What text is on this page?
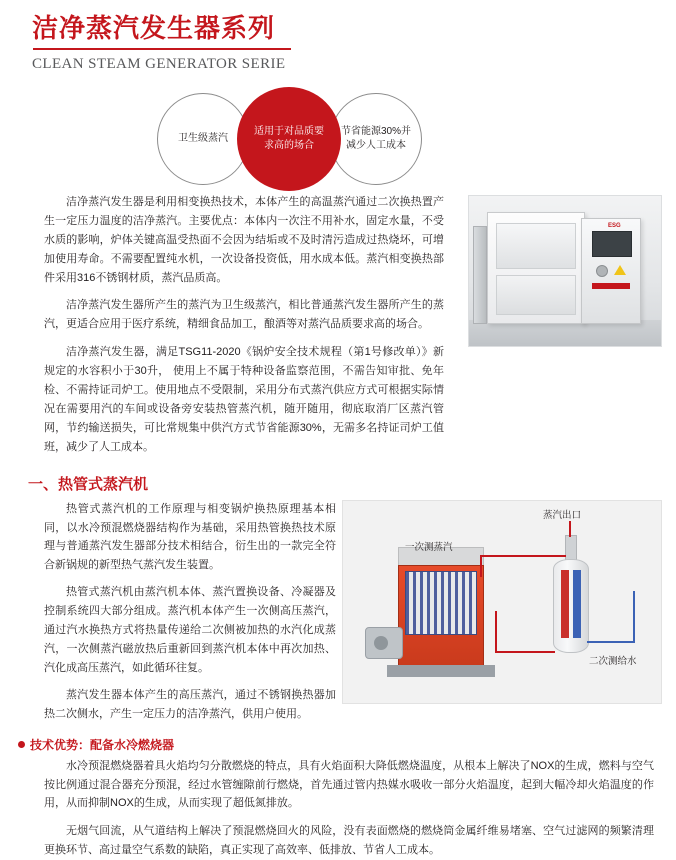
洁净蒸汽发生器系列
CLEAN STEAM GENERATOR SERIE
卫生级蒸汽
适用于对品质要求高的场合
节省能源30%并减少人工成本
ESG

洁净蒸汽发生器是利用相变换热技术，本体产生的高温蒸汽通过二次换热置产生一定压力温度的洁净蒸汽。主要优点：本体内一次注不用补水，固定水量，不受水质的影响，炉体关键高温受热面不会因为结垢或不及时清污造成过热烧坏，可增加使用寿命。不需要配置纯水机，一次设备投资低，用水成本低。蒸汽相变换热部件采用316不锈钢材质，蒸汽品质高。

洁净蒸汽发生器所产生的蒸汽为卫生级蒸汽，相比普通蒸汽发生器所产生的蒸汽，更适合应用于医疗系统，精细食品加工，酿酒等对蒸汽品质要求高的场合。

洁净蒸汽发生器，满足TSG11-2020《锅炉安全技术规程（第1号修改单）》新规定的水容积小于30升， 使用上不属于特种设备监察范围，不需告知审批、免年检、不需持证司炉工。使用地点不受限制，采用分布式蒸汽供应方式可根据实际情况在需要用汽的车间或设备旁安装热管蒸汽机，随开随用，彻底取消厂区蒸汽管网，节约输送损失，可比常规集中供汽方式节省能源30%，无需多名持证司炉工值班，减少了人工成本。

一、热管式蒸汽机
蒸汽出口
一次测蒸汽
二次测给水

热管式蒸汽机的工作原理与相变锅炉换热原理基本相同，以水冷预混燃烧器结构作为基础，采用热管换热技术原理与普通蒸汽发生器部分技术相结合，衍生出的一款完全符合新锅规的新型热气蒸汽发生装置。

热管式蒸汽机由蒸汽机本体、蒸汽置换设备、冷凝器及控制系统四大部分组成。蒸汽机本体产生一次侧高压蒸汽，通过汽水换热方式将热量传递给二次侧被加热的水汽化成蒸汽，一次侧蒸汽磁放热后重新回到蒸汽机本体中再次加热、汽化成高压蒸汽，如此循环往复。

蒸汽发生器本体产生的高压蒸汽，通过不锈钢换热器加热二次侧水，产生一定压力的洁净蒸汽，供用户使用。

技术优势：配备水冷燃烧器

水冷预混燃烧器着具火焰均匀分散燃烧的特点，具有火焰面积大降低燃烧温度，从根本上解决了NOX的生成，燃料与空气按比例通过混合器充分预混，经过水管缠隙前行燃烧，首先通过管内热媒水吸收一部分火焰温度，起到大幅冷却火焰温度的作用，从而抑制NOX的生成，从而实现了超低氮排放。

无烟气回流，从气道结构上解决了预混燃烧回火的风险，没有表面燃烧的燃烧筒金属纤维易堵塞、空气过滤网的频繁清理更换环节、高过量空气系数的缺陷，真正实现了高效率、低排放、节省人工成本。
